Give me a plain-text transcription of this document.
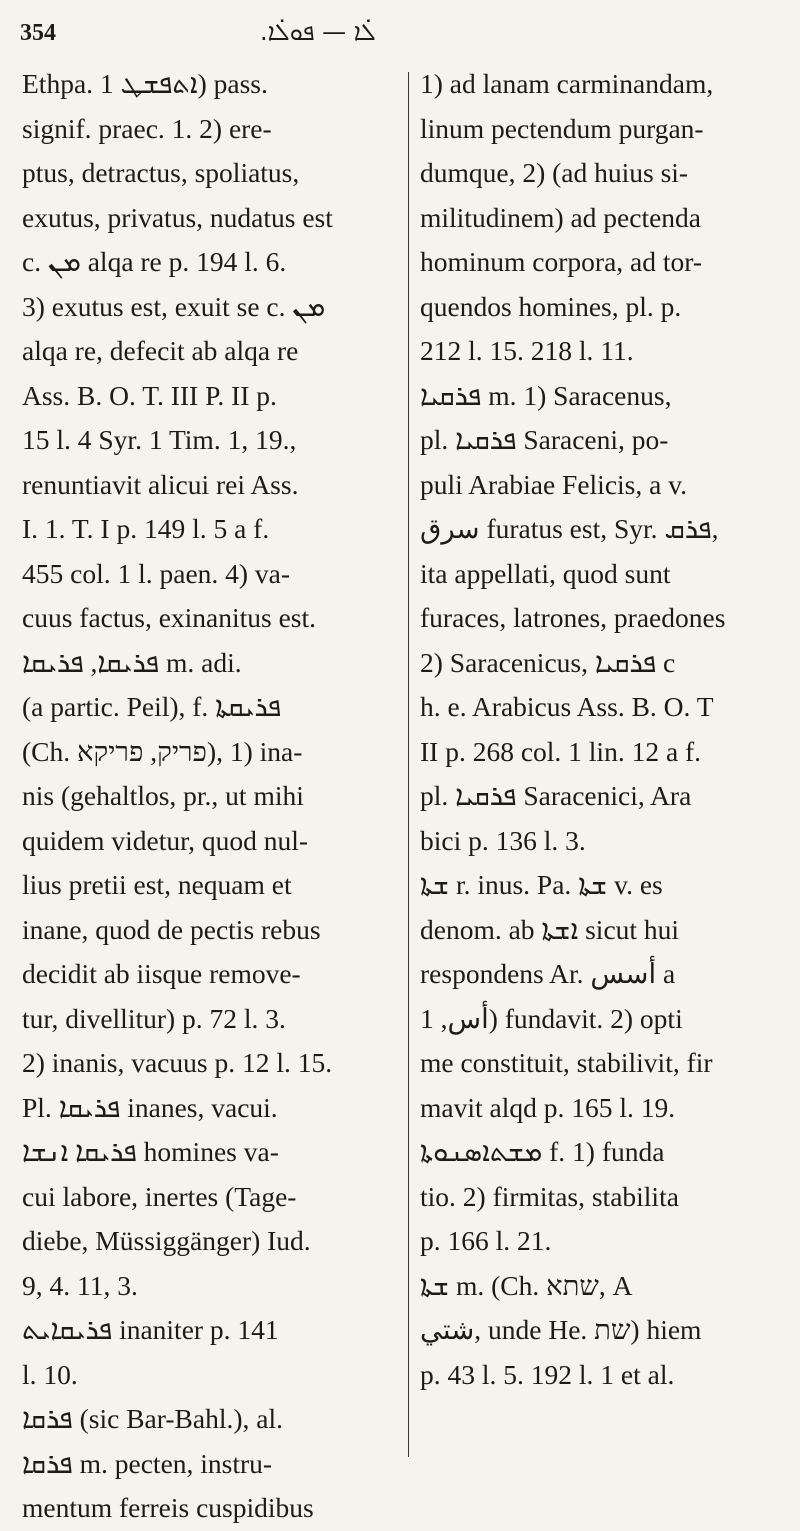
354	.ܠ̇ܐ — ܦܘܠ̇ܐ
Ethpa. ܐܬܦܫܛ 1) pass.
signif. praec. 1. 2) ere-
ptus, detractus, spoliatus,
exutus, privatus, nudatus est
c. ܡܢ alqa re p. 194 l. 6.
3) exutus est, exuit se c. ܡܢ
alqa re, defecit ab alqa re
Ass. B. O. T. III P. II p.
15 l. 4 Syr. 1 Tim. 1, 19.,
renuntiavit alicui rei Ass.
I. 1. T. I p. 149 l. 5 a f.
455 col. 1 l. paen. 4) va-
cuus factus, exinanitus est.
ܦܪܝܩܐ, ܦܪܝܩܐ m. adi.
(a partic. Peil), f. ܦܪܝܩܬܐ
(Ch. פריק, פריקא), 1) ina-
nis (gehaltlos, pr., ut mihi
quidem videtur, quod nul-
lius pretii est, nequam et
inane, quod de pectis rebus
decidit ab iisque remove-
tur, divellitur) p. 72 l. 3.
2) inanis, vacuus p. 12 l. 15.
Pl. ܦܪܝܩܐ inanes, vacui.
ܦܪܝܩܐ ܐܢܫܐ homines va-
cui labore, inertes (Tage-
diebe, Müssiggänger) Iud.
9, 4. 11, 3.
ܦܪܝܩܐܝܬ inaniter p. 141
l. 10.
ܦܪܩܐ (sic Bar-Bahl.), al.
ܦܪܩܐ m. pecten, instru-
mentum ferreis cuspidibus
1) ad lanam carminandam,
linum pectendum purgan-
dumque, 2) (ad huius si-
militudinem) ad pectenda
hominum corpora, ad tor-
quendos homines, pl. p.
212 l. 15. 218 l. 11.
ܦܪܩܝܐ m. 1) Saracenus,
pl. ܦܪܩܝܐ Saraceni, po-
puli Arabiae Felicis, a v.
سرق furatus est, Syr. ܦܪܩ,
ita appellati, quod sunt
furaces, latrones, praedones
2) Saracenicus, ܦܪܩܝܐ c
h. e. Arabicus Ass. B. O. T
II p. 268 col. 1 lin. 12 a f.
pl. ܦܪܩܝܐ Saracenici, Ara
bici p. 136 l. 3.
ܫܬܐ r. inus. Pa. ܫܬܐ v. es
denom. ab ܐܫܬܐ sicut hui
respondens Ar. أسس a
أس, 1) fundavit. 2) opti
me constituit, stabilivit, fir
mavit alqd p. 165 l. 19.
ܡܫܬܐܣܢܘܬܐ f. 1) funda
tio. 2) firmitas, stabilita
p. 166 l. 21.
ܫܬܐ m. (Ch. שתא, A
شتي, unde He. שת) hiem
p. 43 l. 5. 192 l. 1 et al.
